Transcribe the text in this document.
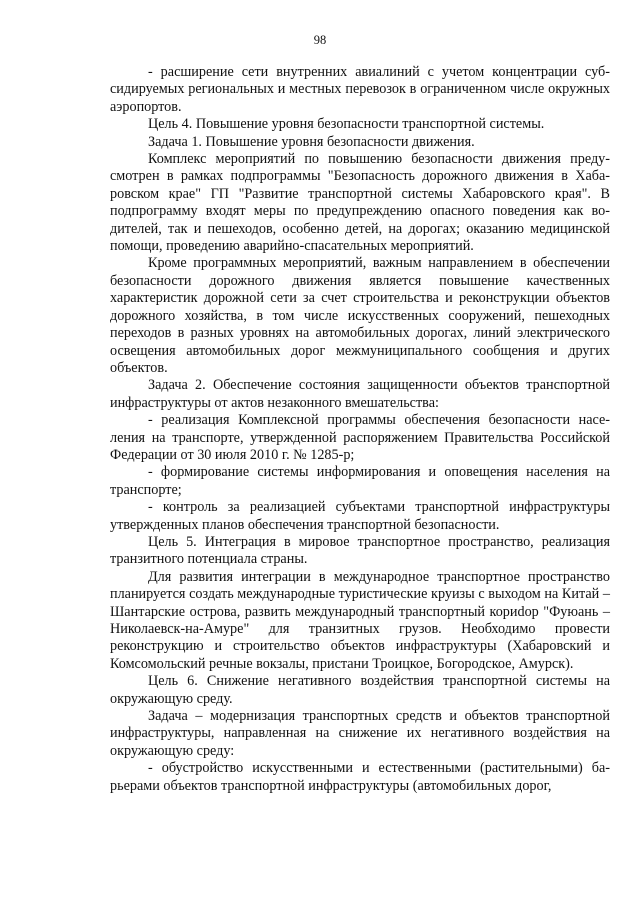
98

- расширение сети внутренних авиалиний с учетом концентрации субсидируемых региональных и местных перевозок в ограниченном числе окружных аэропортов.

Цель 4. Повышение уровня безопасности транспортной системы.

Задача 1. Повышение уровня безопасности движения.

Комплекс мероприятий по повышению безопасности движения предусмотрен в рамках подпрограммы "Безопасность дорожного движения в Хабаровском крае" ГП "Развитие транспортной системы Хабаровского края". В подпрограмму входят меры по предупреждению опасного поведения как водителей, так и пешеходов, особенно детей, на дорогах; оказанию медицинской помощи, проведению аварийно-спасательных мероприятий.

Кроме программных мероприятий, важным направлением в обеспечении безопасности дорожного движения является повышение качественных характеристик дорожной сети за счет строительства и реконструкции объектов дорожного хозяйства, в том числе искусственных сооружений, пешеходных переходов в разных уровнях на автомобильных дорогах, линий электрического освещения автомобильных дорог межмуниципального сообщения и других объектов.

Задача 2. Обеспечение состояния защищенности объектов транспортной инфраструктуры от актов незаконного вмешательства:

- реализация Комплексной программы обеспечения безопасности населения на транспорте, утвержденной распоряжением Правительства Российской Федерации от 30 июля 2010 г. № 1285-р;

- формирование системы информирования и оповещения населения на транспорте;

- контроль за реализацией субъектами транспортной инфраструктуры утвержденных планов обеспечения транспортной безопасности.

Цель 5. Интеграция в мировое транспортное пространство, реализация транзитного потенциала страны.

Для развития интеграции в международное транспортное пространство планируется создать международные туристические круизы с выходом на Китай – Шантарские острова, развить международный транспортный кориdор "Фуюань – Николаевск-на-Амуре" для транзитных грузов. Необходимо провести реконструкцию и строительство объектов инфраструктуры (Хабаровский и Комсомольский речные вокзалы, пристани Троицкое, Богородское, Амурск).

Цель 6. Снижение негативного воздействия транспортной системы на окружающую среду.

Задача – модернизация транспортных средств и объектов транспортной инфраструктуры, направленная на снижение их негативного воздействия на окружающую среду:

- обустройство искусственными и естественными (растительными) барьерами объектов транспортной инфраструктуры (автомобильных дорог,
